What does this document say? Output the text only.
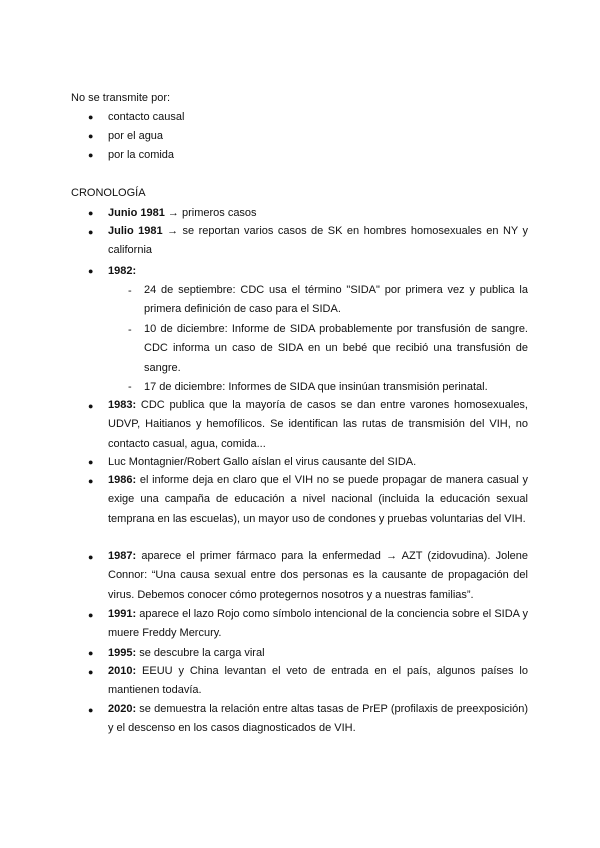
No se transmite por:
● contacto causal
● por el agua
● por la comida
CRONOLOGÍA
● Junio 1981 → primeros casos
● Julio 1981 → se reportan varios casos de SK en hombres homosexuales en NY y california
● 1982:
- 24 de septiembre: CDC usa el término "SIDA" por primera vez y publica la primera definición de caso para el SIDA.
- 10 de diciembre: Informe de SIDA probablemente por transfusión de sangre. CDC informa un caso de SIDA en un bebé que recibió una transfusión de sangre.
- 17 de diciembre: Informes de SIDA que insinúan transmisión perinatal.
● 1983: CDC publica que la mayoría de casos se dan entre varones homosexuales, UDVP, Haitianos y hemofílicos. Se identifican las rutas de transmisión del VIH, no contacto casual, agua, comida...
● Luc Montagnier/Robert Gallo aíslan el virus causante del SIDA.
● 1986: el informe deja en claro que el VIH no se puede propagar de manera casual y exige una campaña de educación a nivel nacional (incluida la educación sexual temprana en las escuelas), un mayor uso de condones y pruebas voluntarias del VIH.
● 1987: aparece el primer fármaco para la enfermedad → AZT (zidovudina). Jolene Connor: “Una causa sexual entre dos personas es la causante de propagación del virus. Debemos conocer cómo protegernos nosotros y a nuestras familias”.
● 1991: aparece el lazo Rojo como símbolo intencional de la conciencia sobre el SIDA y muere Freddy Mercury.
● 1995: se descubre la carga viral
● 2010: EEUU y China levantan el veto de entrada en el país, algunos países lo mantienen todavía.
● 2020: se demuestra la relación entre altas tasas de PrEP (profilaxis de preexposición) y el descenso en los casos diagnosticados de VIH.
